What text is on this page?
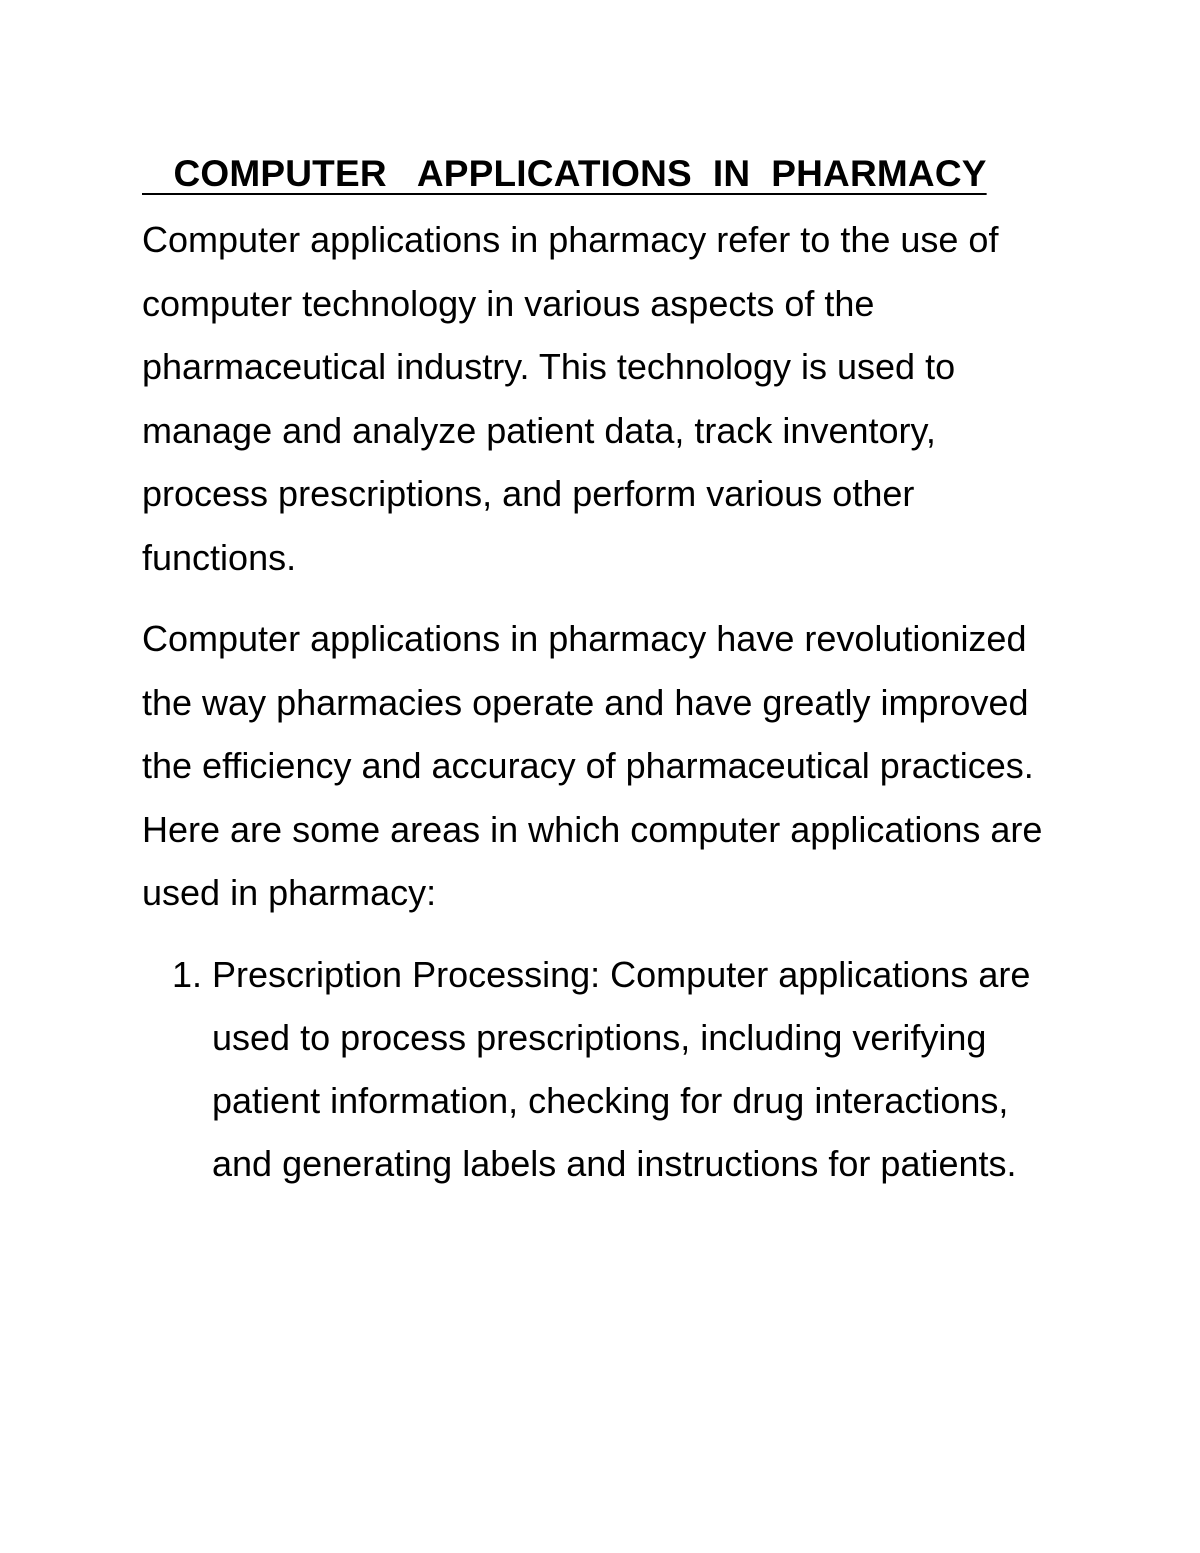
COMPUTER   APPLICATIONS  IN  PHARMACY

Computer applications in pharmacy refer to the use of computer technology in various aspects of the pharmaceutical industry. This technology is used to manage and analyze patient data, track inventory, process prescriptions, and perform various other functions.

Computer applications in pharmacy have revolutionized the way pharmacies operate and have greatly improved the efficiency and accuracy of pharmaceutical practices. Here are some areas in which computer applications are used in pharmacy:

1. Prescription Processing: Computer applications are used to process prescriptions, including verifying patient information, checking for drug interactions, and generating labels and instructions for patients.
